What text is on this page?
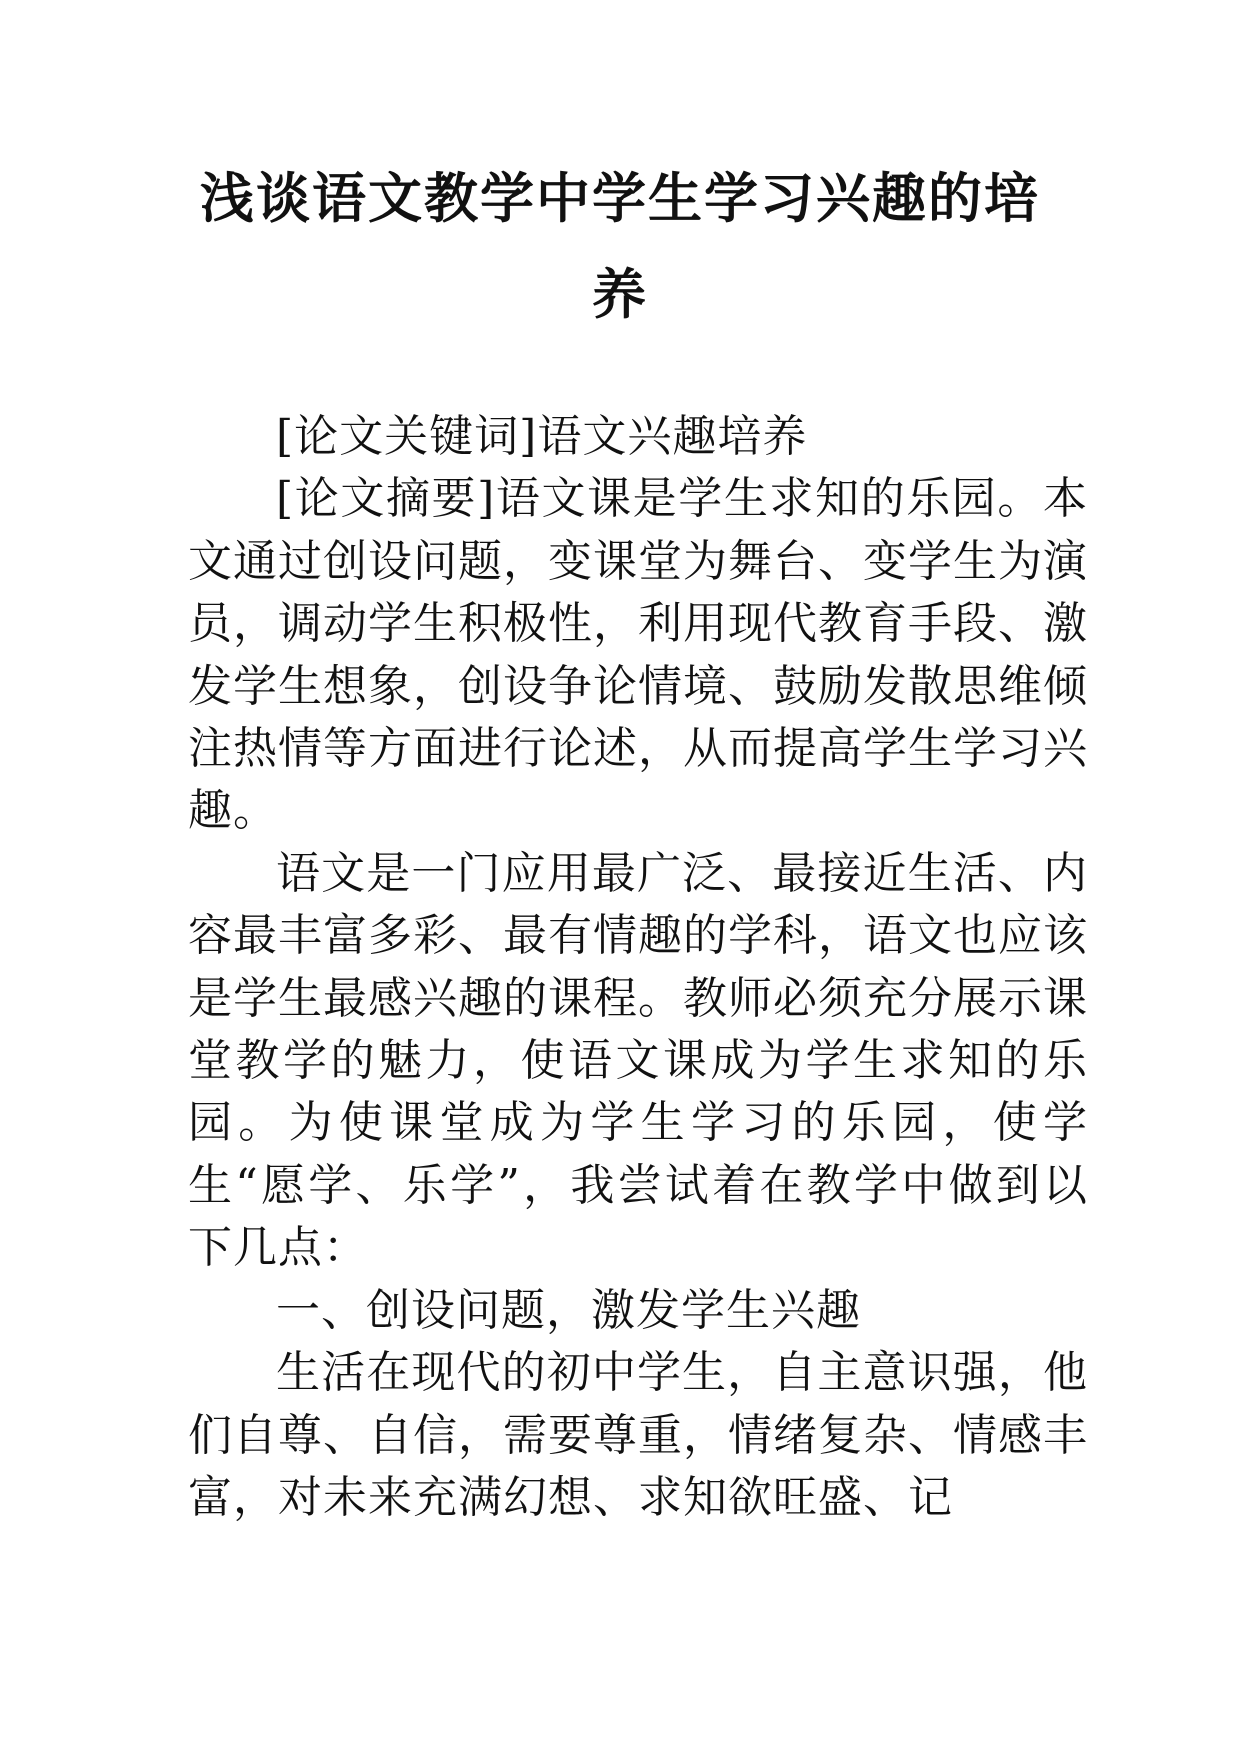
浅谈语文教学中学生学习兴趣的培养

[论文关键词]语文兴趣培养

[论文摘要]语文课是学生求知的乐园。本文通过创设问题，变课堂为舞台、变学生为演员，调动学生积极性，利用现代教育手段、激发学生想象，创设争论情境、鼓励发散思维倾注热情等方面进行论述，从而提高学生学习兴趣。

语文是一门应用最广泛、最接近生活、内容最丰富多彩、最有情趣的学科，语文也应该是学生最感兴趣的课程。教师必须充分展示课堂教学的魅力，使语文课成为学生求知的乐园。为使课堂成为学生学习的乐园，使学生“愿学、乐学”，我尝试着在教学中做到以下几点：

一、创设问题，激发学生兴趣

生活在现代的初中学生，自主意识强，他们自尊、自信，需要尊重，情绪复杂、情感丰富，对未来充满幻想、求知欲旺盛、记
